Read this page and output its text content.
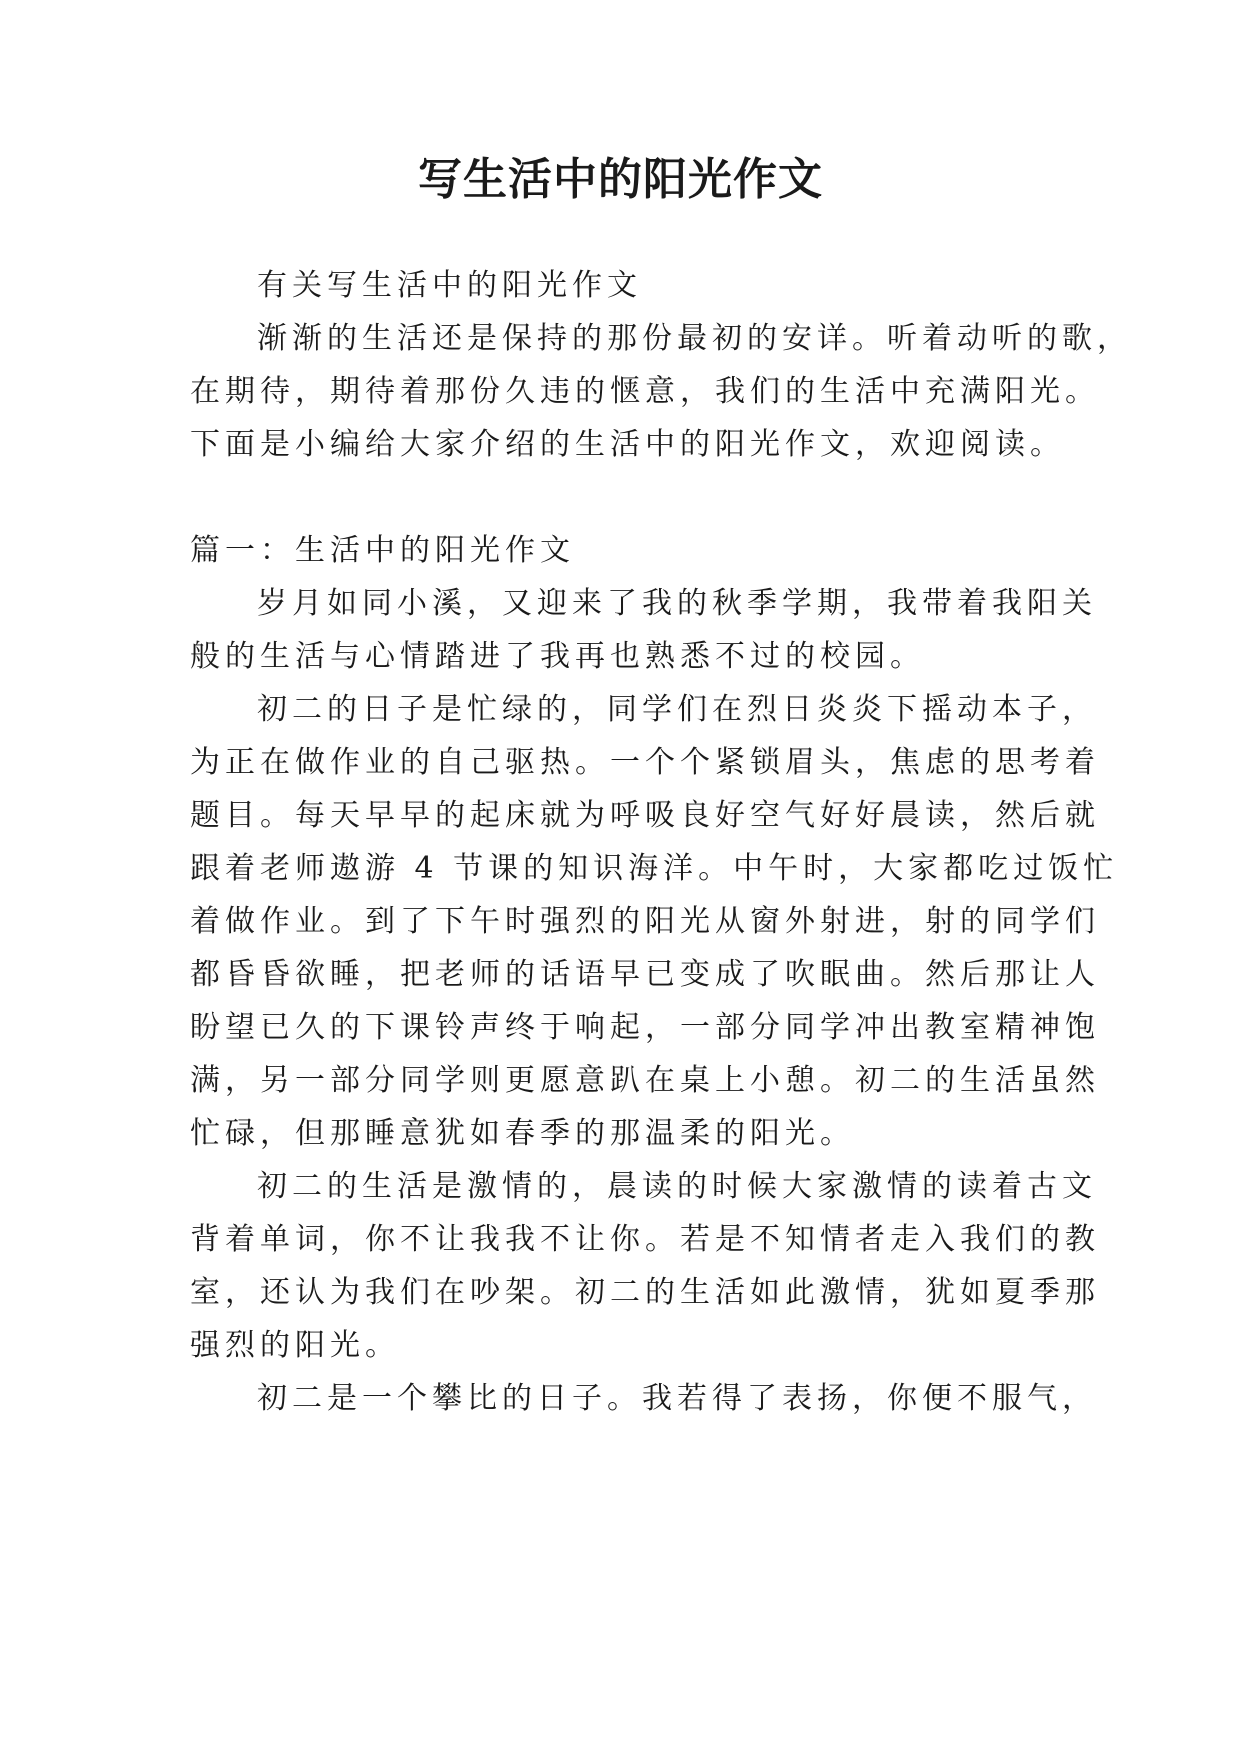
写生活中的阳光作文
有关写生活中的阳光作文
渐渐的生活还是保持的那份最初的安详。听着动听的歌，
在期待，期待着那份久违的惬意，我们的生活中充满阳光。
下面是小编给大家介绍的生活中的阳光作文，欢迎阅读。
篇一：生活中的阳光作文
岁月如同小溪，又迎来了我的秋季学期，我带着我阳关
般的生活与心情踏进了我再也熟悉不过的校园。
初二的日子是忙绿的，同学们在烈日炎炎下摇动本子，
为正在做作业的自己驱热。一个个紧锁眉头，焦虑的思考着
题目。每天早早的起床就为呼吸良好空气好好晨读，然后就
跟着老师遨游 4 节课的知识海洋。中午时，大家都吃过饭忙
着做作业。到了下午时强烈的阳光从窗外射进，射的同学们
都昏昏欲睡，把老师的话语早已变成了吹眠曲。然后那让人
盼望已久的下课铃声终于响起，一部分同学冲出教室精神饱
满，另一部分同学则更愿意趴在桌上小憩。初二的生活虽然
忙碌，但那睡意犹如春季的那温柔的阳光。
初二的生活是激情的，晨读的时候大家激情的读着古文
背着单词，你不让我我不让你。若是不知情者走入我们的教
室，还认为我们在吵架。初二的生活如此激情，犹如夏季那
强烈的阳光。
初二是一个攀比的日子。我若得了表扬，你便不服气，
